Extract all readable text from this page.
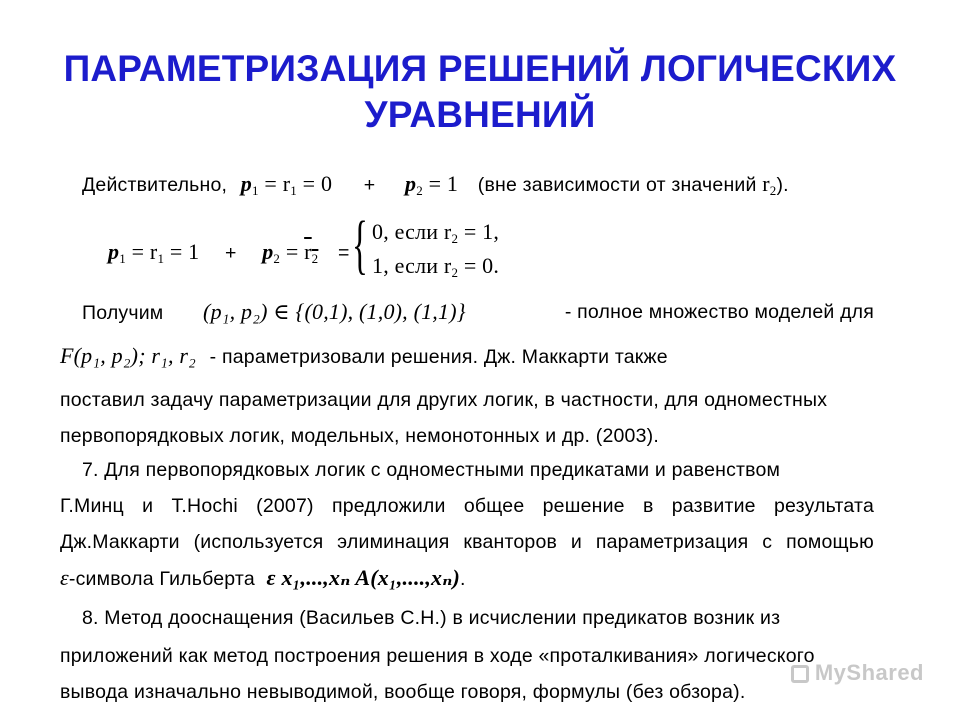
ПАРАМЕТРИЗАЦИЯ РЕШЕНИЙ ЛОГИЧЕСКИХ
УРАВНЕНИЙ
Действительно, $p_1 = r_1 = 0 + p_2 = 1$ (вне зависимости от значений $r_2$).
$p_1 = r_1 = 1 + p_2 = r_2$ = { 0, если $r_2 = 1$,
1, если $r_2 = 0$.
Получим (p₁, p₂) ∈ {(0,1), (1,0), (1,1)}	- полное множество моделей для
F(p₁, p₂); r₁, r₂ - параметризовали решения. Дж. Маккарти также
поставил задачу параметризации для других логик, в частности, для одноместных
первопорядковых логик, модельных, немонотонных и др. (2003).
7. Для первопорядковых логик с одноместными предикатами и равенством
Г.Минц и T.Hochi (2007) предложили общее решение в развитие результата
Дж.Маккарти (используется элиминация кванторов и параметризация с помощью
ε-символа Гильберта ε x₁,...,xₙ A(x₁,....,xₙ).
8. Метод дооснащения (Васильев С.Н.) в исчислении предикатов возник из
приложений как метод построения решения в ходе «проталкивания» логического
вывода изначально невыводимой, вообще говоря, формулы (без обзора).
MyShared
